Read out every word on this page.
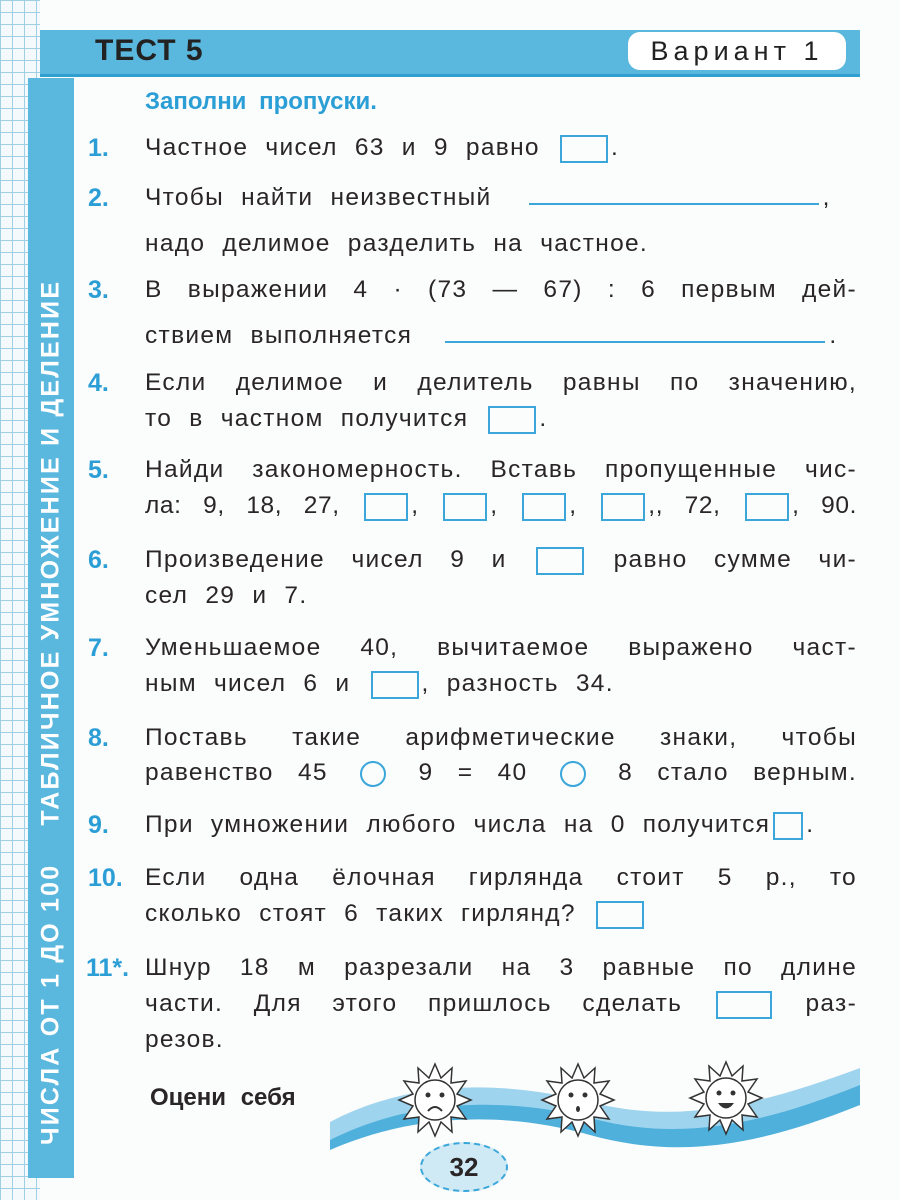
ЧИСЛА ОТ 1 ДО 100ТАБЛИЧНОЕ УМНОЖЕНИЕ И ДЕЛЕНИЕ
ТЕСТ 5	Вариант 1
Заполни пропуски.
1. Частное чисел 63 и 9 равно	.
2. Чтобы найти неизвестный	,
надо делимое разделить на частное.
3. В выражении 4 · (73 — 67) : 6 первым дей-
ствием выполняется	.
4. Если делимое и делитель равны по значению,
то в частном получится	.
5. Найди закономерность. Вставь пропущенные чис-
ла: 9, 18, 27,	,	,	,	,, 72,	, 90.
6. Произведение чисел 9 и	равно сумме чи-
сел 29 и 7.
7. Уменьшаемое 40, вычитаемое выражено част-
ным чисел 6 и	, разность 34.
8. Поставь такие арифметические знаки, чтобы
равенство 45	9 = 40	8 стало верным.
9. При умножении любого числа на 0 получится .
10. Если одна ёлочная гирлянда стоит 5 р., то
сколько стоят 6 таких гирлянд?
11*. Шнур 18 м разрезали на 3 равные по длине
части. Для этого пришлось сделать	раз-
резов.
Оцени себя
32
